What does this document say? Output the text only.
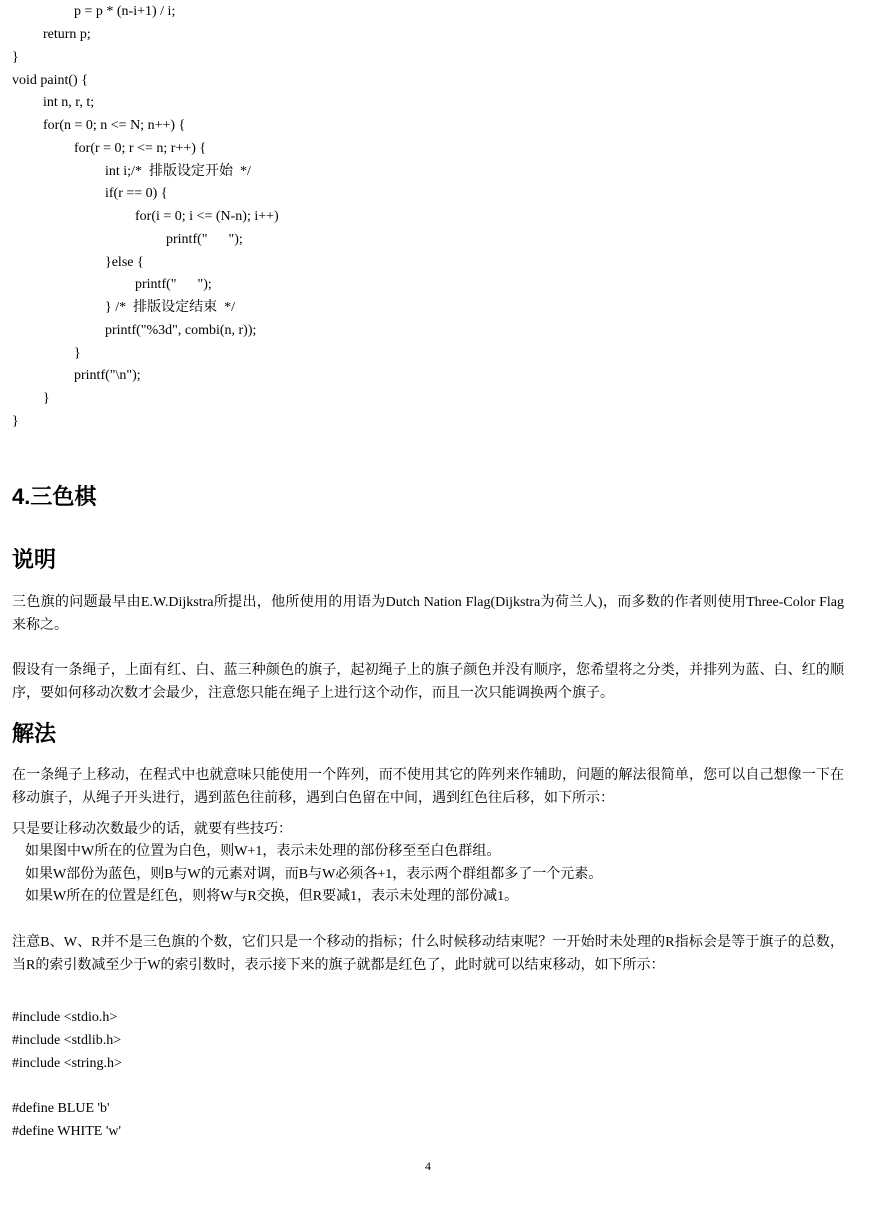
p = p * (n-i+1) / i;
return p;
}
void paint() {
int n, r, t;
for(n = 0; n <= N; n++) {
for(r = 0; r <= n; r++) {
int i;/*  排版设定开始  */
if(r == 0) {
for(i = 0; i <= (N-n); i++)
printf("      ");
}else {
printf("      ");
} /*  排版设定结束  */
printf("%3d", combi(n, r));
}
printf("\n");
}
}
4.三色棋
说明
三色旗的问题最早由E.W.Dijkstra所提出，他所使用的用语为Dutch Nation Flag(Dijkstra为荷兰人)，而多数的作者则使用Three-Color Flag来称之。
假设有一条绳子，上面有红、白、蓝三种颜色的旗子，起初绳子上的旗子颜色并没有顺序，您希望将之分类，并排列为蓝、白、红的顺序，要如何移动次数才会最少，注意您只能在绳子上进行这个动作，而且一次只能调换两个旗子。
解法
在一条绳子上移动，在程式中也就意味只能使用一个阵列，而不使用其它的阵列来作辅助，问题的解法很简单，您可以自己想像一下在移动旗子，从绳子开头进行，遇到蓝色往前移，遇到白色留在中间，遇到红色往后移，如下所示：
只是要让移动次数最少的话，就要有些技巧：
如果图中W所在的位置为白色，则W+1，表示未处理的部份移至至白色群组。
如果W部份为蓝色，则B与W的元素对调，而B与W必须各+1，表示两个群组都多了一个元素。
如果W所在的位置是红色，则将W与R交换，但R要减1，表示未处理的部份减1。
注意B、W、R并不是三色旗的个数，它们只是一个移动的指标；什么时候移动结束呢？一开始时未处理的R指标会是等于旗子的总数，当R的索引数减至少于W的索引数时，表示接下来的旗子就都是红色了，此时就可以结束移动，如下所示：
#include <stdio.h>
#include <stdlib.h>
#include <string.h>
#define BLUE 'b'
#define WHITE 'w'
4
